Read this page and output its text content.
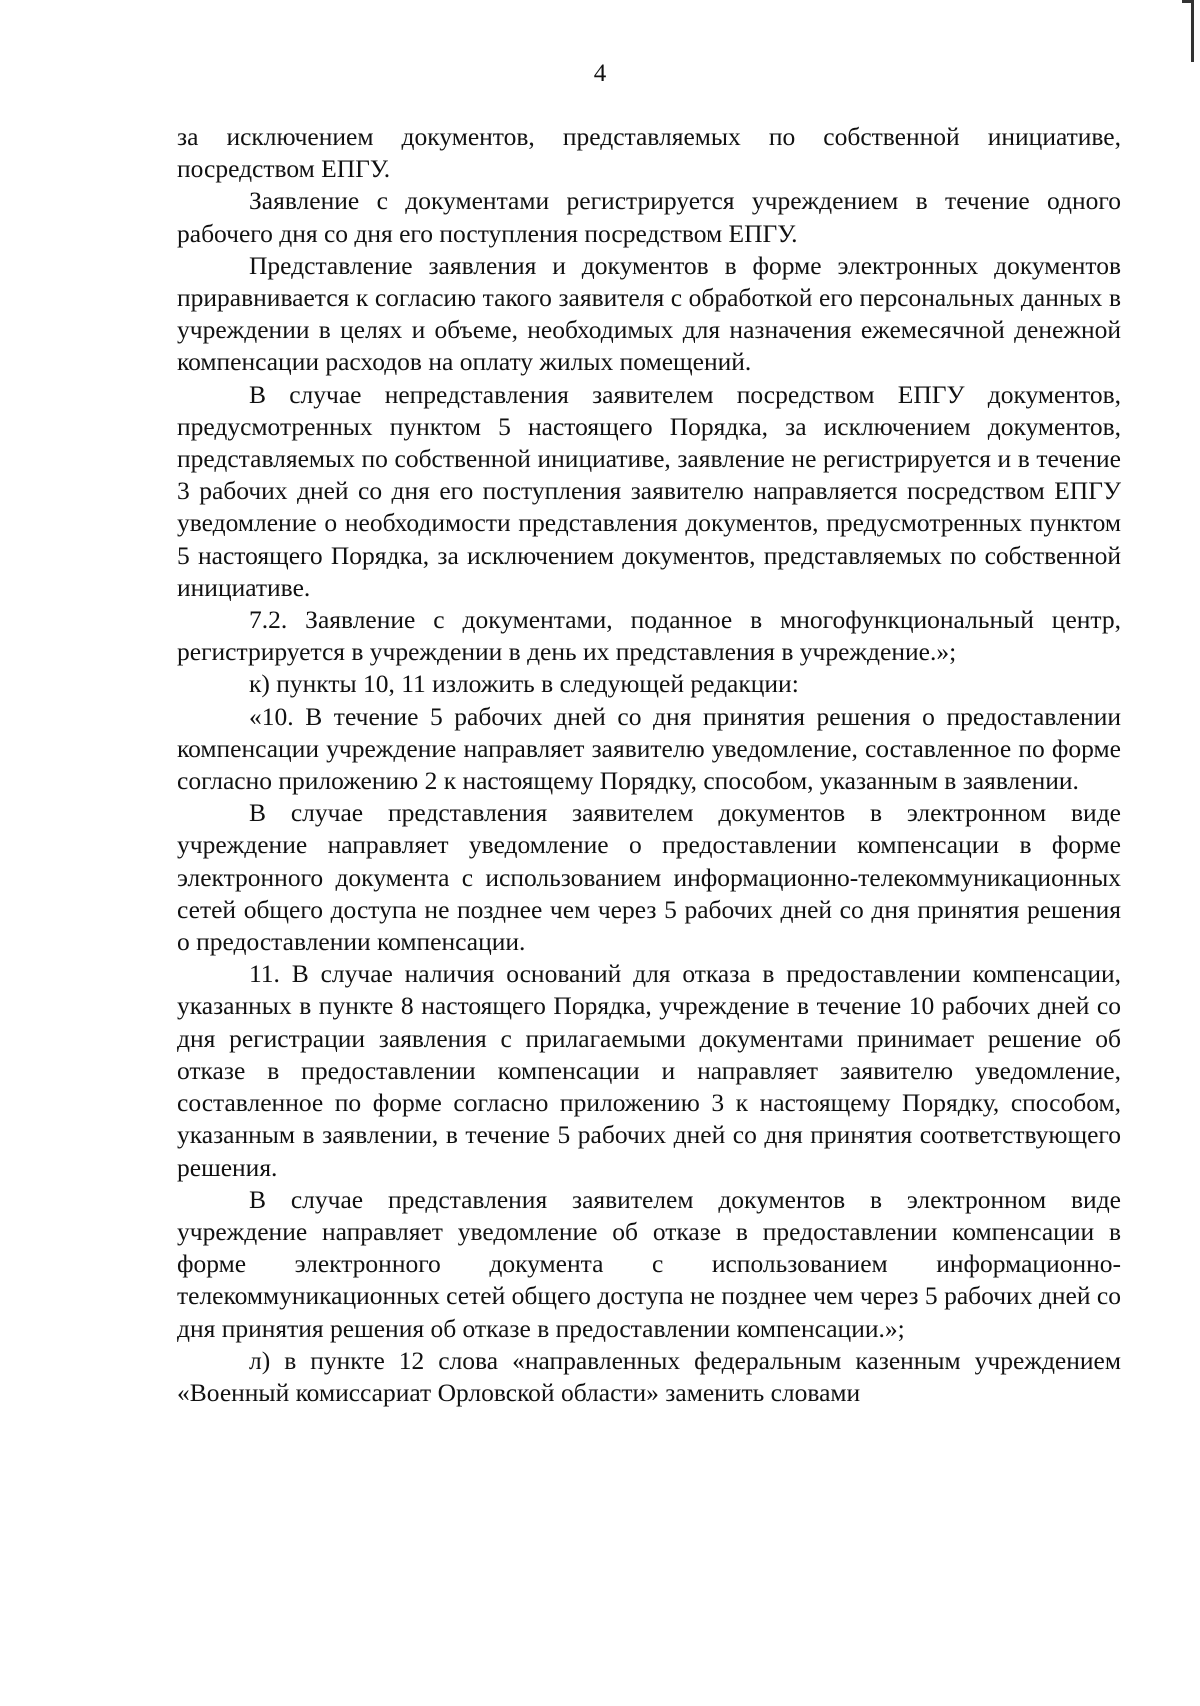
4

за исключением документов, представляемых по собственной инициативе, посредством ЕПГУ.

Заявление с документами регистрируется учреждением в течение одного рабочего дня со дня его поступления посредством ЕПГУ.

Представление заявления и документов в форме электронных документов приравнивается к согласию такого заявителя с обработкой его персональных данных в учреждении в целях и объеме, необходимых для назначения ежемесячной денежной компенсации расходов на оплату жилых помещений.

В случае непредставления заявителем посредством ЕПГУ документов, предусмотренных пунктом 5 настоящего Порядка, за исключением документов, представляемых по собственной инициативе, заявление не регистрируется и в течение 3 рабочих дней со дня его поступления заявителю направляется посредством ЕПГУ уведомление о необходимости представления документов, предусмотренных пунктом 5 настоящего Порядка, за исключением документов, представляемых по собственной инициативе.

7.2. Заявление с документами, поданное в многофункциональный центр, регистрируется в учреждении в день их представления в учреждение.»;

к) пункты 10, 11 изложить в следующей редакции:

«10. В течение 5 рабочих дней со дня принятия решения о предоставлении компенсации учреждение направляет заявителю уведомление, составленное по форме согласно приложению 2 к настоящему Порядку, способом, указанным в заявлении.

В случае представления заявителем документов в электронном виде учреждение направляет уведомление о предоставлении компенсации в форме электронного документа с использованием информационно-телекоммуникационных сетей общего доступа не позднее чем через 5 рабочих дней со дня принятия решения о предоставлении компенсации.

11. В случае наличия оснований для отказа в предоставлении компенсации, указанных в пункте 8 настоящего Порядка, учреждение в течение 10 рабочих дней со дня регистрации заявления с прилагаемыми документами принимает решение об отказе в предоставлении компенсации и направляет заявителю уведомление, составленное по форме согласно приложению 3 к настоящему Порядку, способом, указанным в заявлении, в течение 5 рабочих дней со дня принятия соответствующего решения.

В случае представления заявителем документов в электронном виде учреждение направляет уведомление об отказе в предоставлении компенсации в форме электронного документа с использованием информационно-телекоммуникационных сетей общего доступа не позднее чем через 5 рабочих дней со дня принятия решения об отказе в предоставлении компенсации.»;

л) в пункте 12 слова «направленных федеральным казенным учреждением «Военный комиссариат Орловской области» заменить словами
